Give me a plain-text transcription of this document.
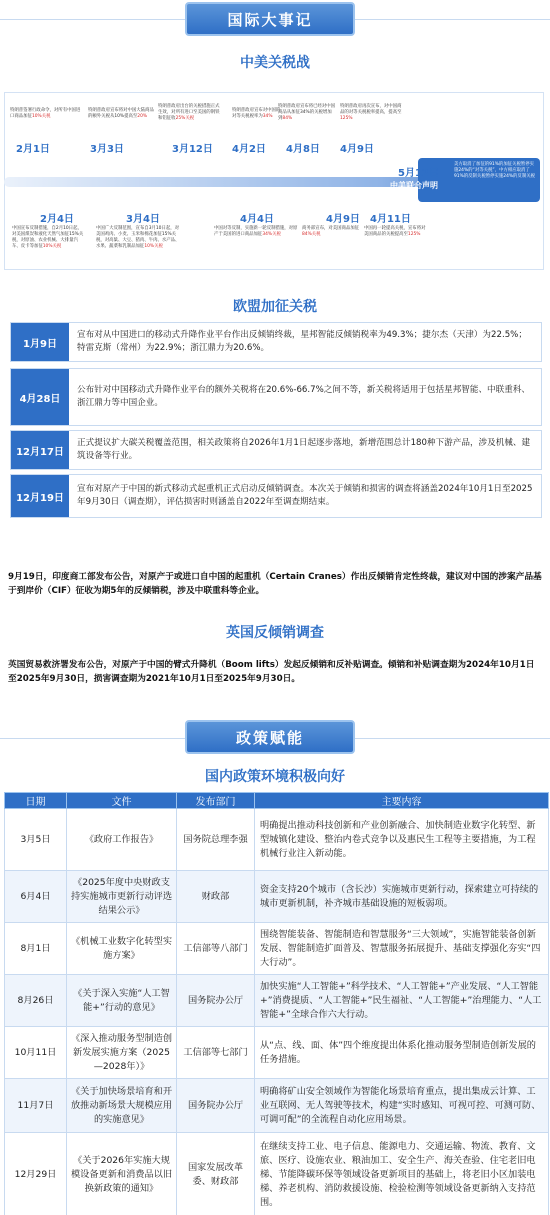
国际大事记
中美关税战
特朗普签署行政命令，对所有中国进口商品加征10%关税
2月1日
特朗普政府宣布将对中国大陆商品的额外关税从10%提高至20%
3月3日
特朗普政府出台的关税措施正式生效，对所有进口至美国的钢铁和铝征收25%关税
3月12日
特朗普政府宣布对中国的对等关税税率为34%
4月2日
特朗普政府宣布将已经对中国商品从加征34%的关税增加到84%
4月8日
特朗普政府再次宣布，对中国商品的对等关税税率提高，提高至125%
4月9日
美方取消了加征的91%的加征关税暂停实施24%的“对等关税”，中方相应取消了91%的反制关税暂停实施24%的反制关税
5月12日
中美联合声明
2月4日
中国宣布反制措施，自2月10日起，对美国煤炭和液化天然气加征15%关税，对原油、农业机械、大排量汽车、皮卡等加征10%关税
3月4日
中国广大反制范围，宣布自3月10日起，对美国鸡肉、小麦、玉米和棉花加征15%关税，对高粱、大豆、猪肉、牛肉、水产品、水果、蔬菜和乳制品加征10%关税
4月4日
中国对等反制，实施新一轮反制措施，对原产于美国的进口商品加征34%关税
4月9日
商务部宣布，对美国商品加征84%关税
4月11日
中国再一轮提高关税，宣布将对美国商品的关税提高至125%
欧盟加征关税
1月9日
宣布对从中国进口的移动式升降作业平台作出反倾销终裁，星邦智能反倾销税率为49.3%；捷尔杰（天津）为22.5%；特雷克斯（常州）为22.9%；浙江鼎力为20.6%。
4月28日
公布针对中国移动式升降作业平台的额外关税将在20.6%-66.7%之间不等，新关税将适用于包括星邦智能、中联重科、浙江鼎力等中国企业。
12月17日
正式提议扩大碳关税覆盖范围，相关政策将自2026年1月1日起逐步落地，新增范围总计180种下游产品，涉及机械、建筑设备等行业。
12月19日
宣布对原产于中国的新式移动式起重机正式启动反倾销调查。本次关于倾销和损害的调查将涵盖2024年10月1日至2025年9月30日（调查期），评估损害时则涵盖自2022年至调查期结束。
9月19日，印度商工部发布公告，对原产于或进口自中国的起重机（Certain Cranes）作出反倾销肯定性终裁，建议对中国的涉案产品基于到岸价（CIF）征收为期5年的反倾销税，涉及中联重科等企业。
英国反倾销调查
英国贸易救济署发布公告，对原产于中国的臂式升降机（Boom lifts）发起反倾销和反补贴调查。倾销和补贴调查期为2024年10月1日至2025年9月30日，损害调查期为2021年10月1日至2025年9月30日。
政策赋能
国内政策环境积极向好
日期	文件	发布部门	主要内容
3月5日	《政府工作报告》	国务院总理李强	明确提出推动科技创新和产业创新融合、加快制造业数字化转型、新型城镇化建设、整治内卷式竞争以及惠民生工程等主要措施，为工程机械行业注入新动能。
6月4日	《2025年度中央财政支持实施城市更新行动评选结果公示》	财政部	资金支持20个城市（含长沙）实施城市更新行动，探索建立可持续的城市更新机制，补齐城市基础设施的短板弱项。
8月1日	《机械工业数字化转型实施方案》	工信部等八部门	围绕智能装备、智能制造和智慧服务“三大领域”，实施智能装备创新发展、智能制造扩面普及、智慧服务拓展提升、基础支撑强化夯实“四大行动”。
8月26日	《关于深入实施“人工智能+”行动的意见》	国务院办公厅	加快实施“人工智能+”科学技术、“人工智能+”产业发展、“人工智能+”消费提质、“人工智能+”民生福祉、“人工智能+”治理能力、“人工智能+”全球合作六大行动。
10月11日	《深入推动服务型制造创新发展实施方案（2025—2028年）》	工信部等七部门	从“点、线、面、体”四个维度提出体系化推动服务型制造创新发展的任务措施。
11月7日	《关于加快场景培育和开放推动新场景大规模应用的实施意见》	国务院办公厅	明确将矿山安全领域作为智能化场景培育重点，提出集成云计算、工业互联网、无人驾驶等技术，构建“实时感知、可视可控、可测可防、可调可配”的全流程自动化应用场景。
12月29日	《关于2026年实施大规模设备更新和消费品以旧换新政策的通知》	国家发展改革委、财政部	在继续支持工业、电子信息、能源电力、交通运输、物流、教育、文旅、医疗、设施农业、粮油加工、安全生产、海关查验、住宅老旧电梯、节能降碳环保等领域设备更新项目的基础上，将老旧小区加装电梯、养老机构、消防救援设施、检验检测等领域设备更新纳入支持范围。
